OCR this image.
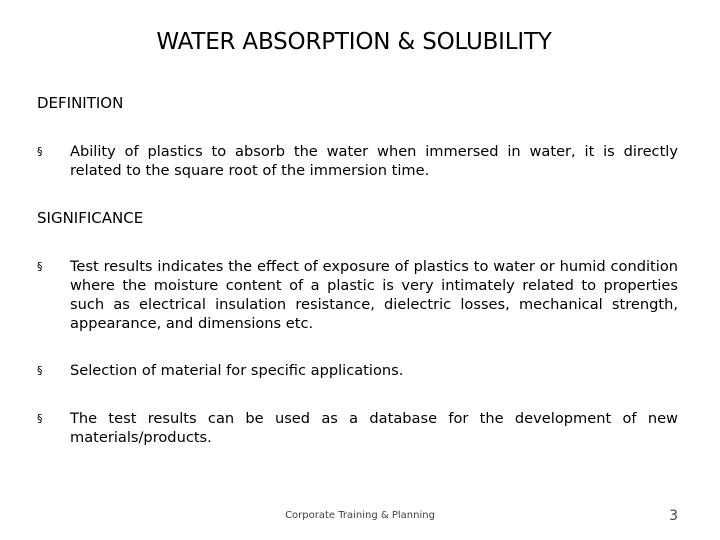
WATER ABSORPTION & SOLUBILITY
DEFINITION
§	Ability of plastics to absorb the water when immersed in water, it is directly related to the square root of the immersion time.
SIGNIFICANCE
§	Test results indicates the effect of exposure of plastics to water or humid condition where the moisture content of a plastic is very intimately related to properties such as electrical insulation resistance, dielectric losses, mechanical strength, appearance, and dimensions etc.
§	Selection of material for specific applications.
§	The test results can be used as a database for the development of new materials/products.
Corporate Training & Planning	3
